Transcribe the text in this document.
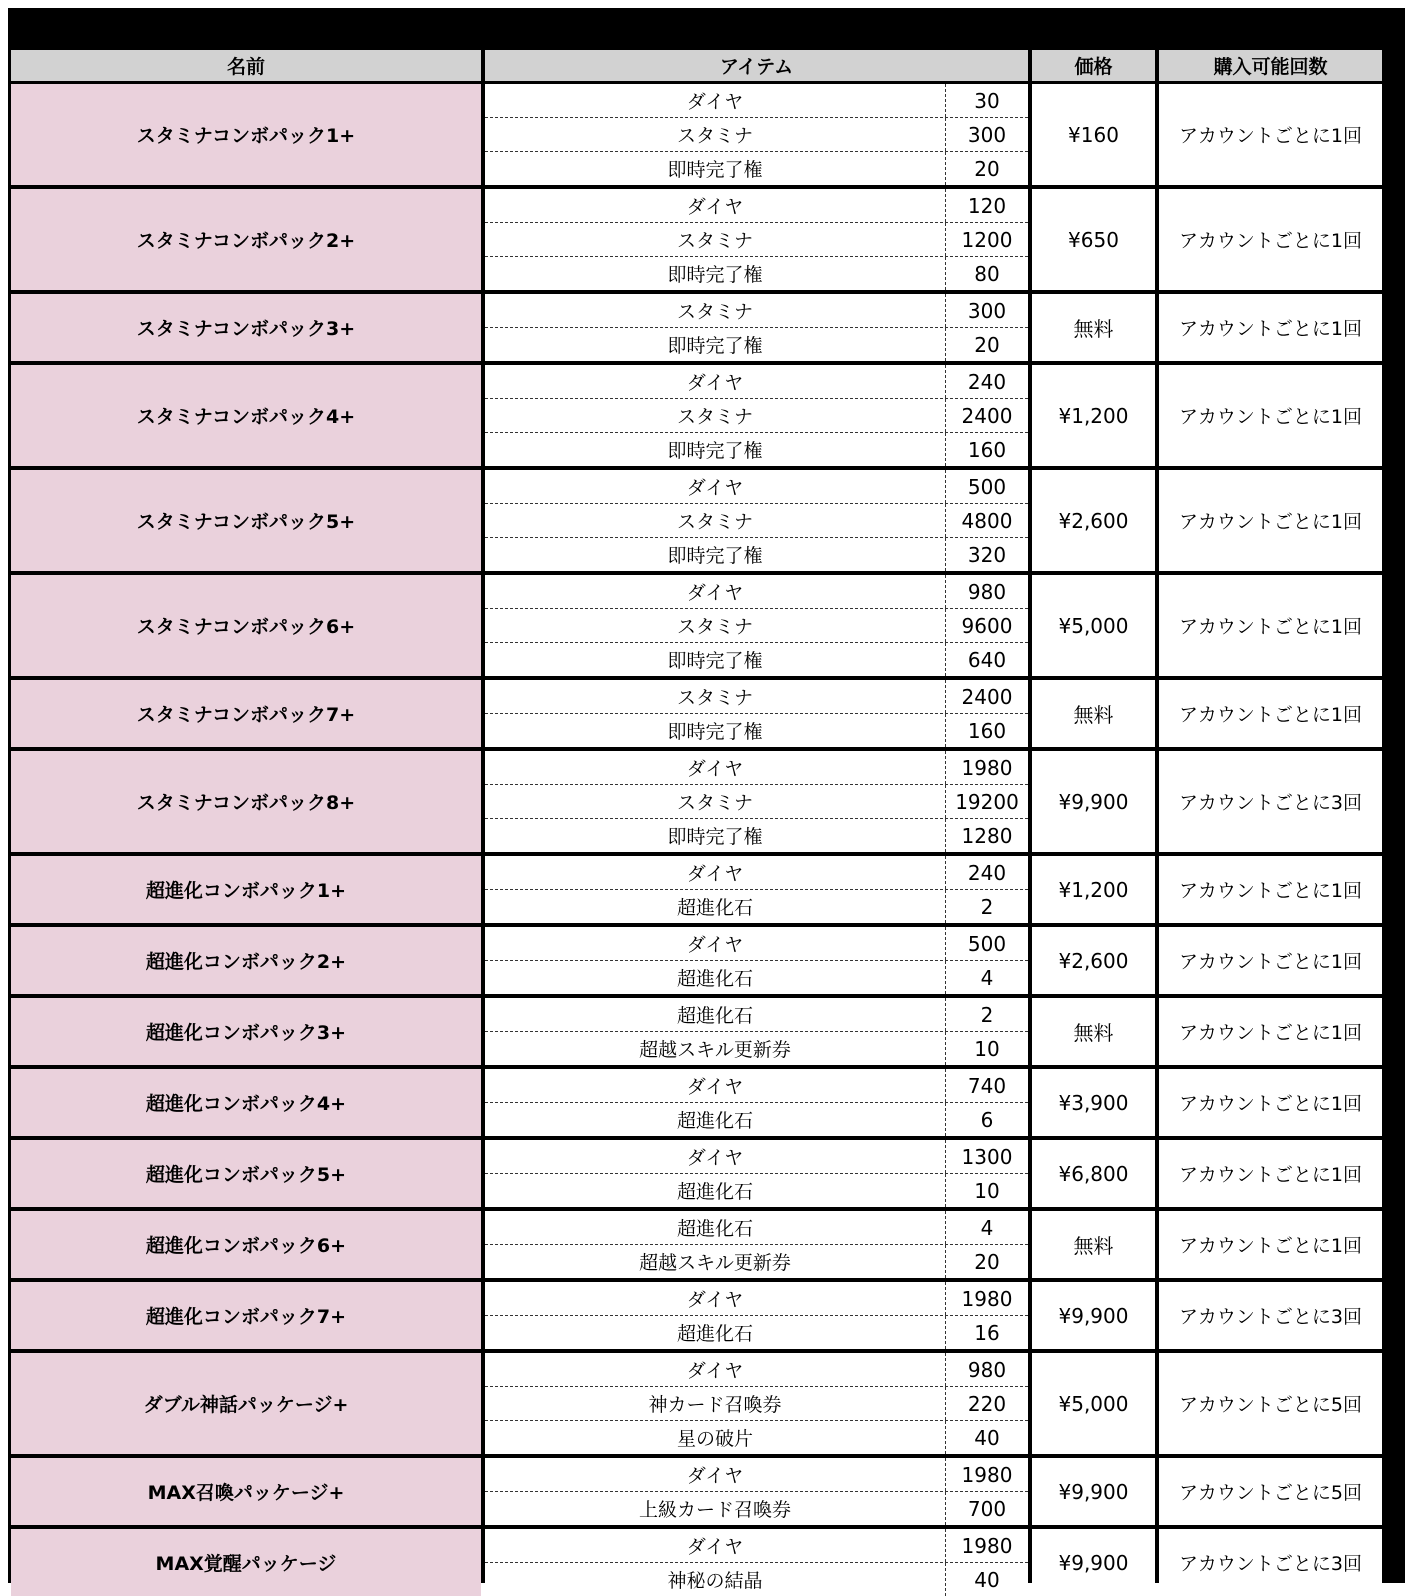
名前	アイテム	価格	購入可能回数
スタミナコンボパック1+
ダイヤ	30
スタミナ	300
即時完了権	20
¥160	アカウントごとに1回
スタミナコンボパック2+
ダイヤ	120
スタミナ	1200
即時完了権	80
¥650	アカウントごとに1回
スタミナコンボパック3+
スタミナ	300
即時完了権	20
無料	アカウントごとに1回
スタミナコンボパック4+
ダイヤ	240
スタミナ	2400
即時完了権	160
¥1,200	アカウントごとに1回
スタミナコンボパック5+
ダイヤ	500
スタミナ	4800
即時完了権	320
¥2,600	アカウントごとに1回
スタミナコンボパック6+
ダイヤ	980
スタミナ	9600
即時完了権	640
¥5,000	アカウントごとに1回
スタミナコンボパック7+
スタミナ	2400
即時完了権	160
無料	アカウントごとに1回
スタミナコンボパック8+
ダイヤ	1980
スタミナ	19200
即時完了権	1280
¥9,900	アカウントごとに3回
超進化コンボパック1+
ダイヤ	240
超進化石	2
¥1,200	アカウントごとに1回
超進化コンボパック2+
ダイヤ	500
超進化石	4
¥2,600	アカウントごとに1回
超進化コンボパック3+
超進化石	2
超越スキル更新券	10
無料	アカウントごとに1回
超進化コンボパック4+
ダイヤ	740
超進化石	6
¥3,900	アカウントごとに1回
超進化コンボパック5+
ダイヤ	1300
超進化石	10
¥6,800	アカウントごとに1回
超進化コンボパック6+
超進化石	4
超越スキル更新券	20
無料	アカウントごとに1回
超進化コンボパック7+
ダイヤ	1980
超進化石	16
¥9,900	アカウントごとに3回
ダブル神話パッケージ+
ダイヤ	980
神カード召喚券	220
星の破片	40
¥5,000	アカウントごとに5回
MAX召喚パッケージ+
ダイヤ	1980
上級カード召喚券	700
¥9,900	アカウントごとに5回
MAX覚醒パッケージ
ダイヤ	1980
神秘の結晶	40
¥9,900	アカウントごとに3回
